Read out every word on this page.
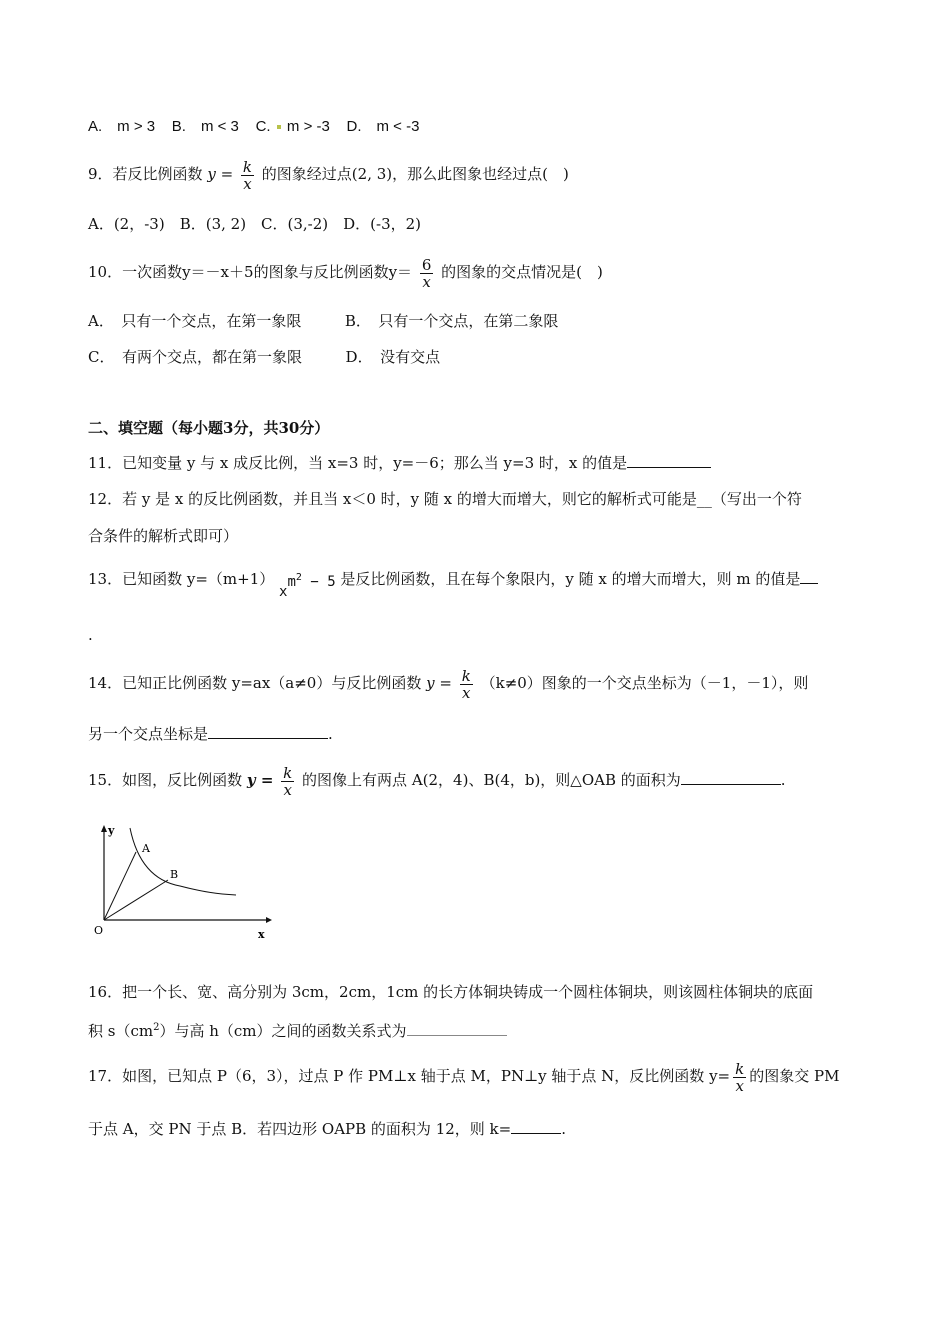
A.　m > 3 B.　m < 3 C. m > -3 D.　m < -3
9．若反比例函数 $y = \frac{k}{x}$ 的图象经过点(2, 3)，那么此图象也经过点(　)
A．(2，-3)　B．(3, 2)　C．(3,-2)　D．(-3，2)
10．一次函数y＝－x＋5的图象与反比例函数$y= \frac{6}{x}$ 的图象的交点情况是(　)
A．　只有一个交点，在第一象限	B．　只有一个交点，在第二象限
C．　有两个交点，都在第一象限	D．　没有交点
二、填空题（每小题3分，共30分）
11．已知变量 y 与 x 成反比例，当 x=3 时，y=－6；那么当 y=3 时，x 的值是
12．若 y 是 x 的反比例函数，并且当 x＜0 时，y 随 x 的增大而增大，则它的解析式可能是__（写出一个符
合条件的解析式即可）
13．已知函数 y=（m+1） $xm^2 - 5$ 是反比例函数，且在每个象限内，y 随 x 的增大而增大，则 m 的值是
.
14．已知正比例函数 y=ax（a≠0）与反比例函数 $y = \frac{k}{x} (k\ne 0)$图象的一个交点坐标为（－1，－1），则
另一个交点坐标是	.
15．如图，反比例函数 $y = \frac{k}{x}$ 的图像上有两点 A(2，4)、B(4，b)，则△OAB 的面积为	.
y
x
O
A
B
16．把一个长、宽、高分别为 3cm，2cm，1cm 的长方体铜块铸成一个圆柱体铜块，则该圆柱体铜块的底面
积 $s(cm^2)$与高 h（cm）之间的函数关系式为
17．如图，已知点 P（6，3），过点 P 作 PM⊥x 轴于点 M，PN⊥y 轴于点 N，反比例函数 $y= \frac{k}{x}$ 的图象交 PM
于点 A，交 PN 于点 B．若四边形 OAPB 的面积为 12，则 k=	.
